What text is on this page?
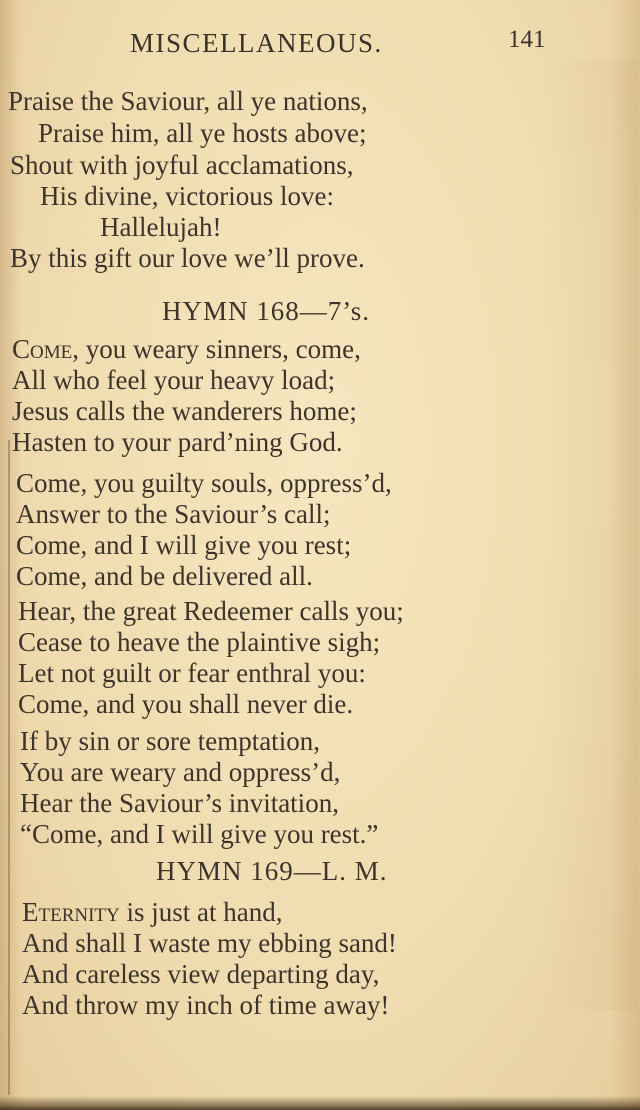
MISCELLANEOUS.	141
Praise the Saviour, all ye nations,
Praise him, all ye hosts above;
Shout with joyful acclamations,
His divine, victorious love:
Hallelujah!
By this gift our love we’ll prove.
HYMN 168—7’s.
Come, you weary sinners, come,
All who feel your heavy load;
Jesus calls the wanderers home;
Hasten to your pard’ning God.
Come, you guilty souls, oppress’d,
Answer to the Saviour’s call;
Come, and I will give you rest;
Come, and be delivered all.
Hear, the great Redeemer calls you;
Cease to heave the plaintive sigh;
Let not guilt or fear enthral you:
Come, and you shall never die.
If by sin or sore temptation,
You are weary and oppress’d,
Hear the Saviour’s invitation,
“Come, and I will give you rest.”
HYMN 169—L. M.
Eternity is just at hand,
And shall I waste my ebbing sand!
And careless view departing day,
And throw my inch of time away!
